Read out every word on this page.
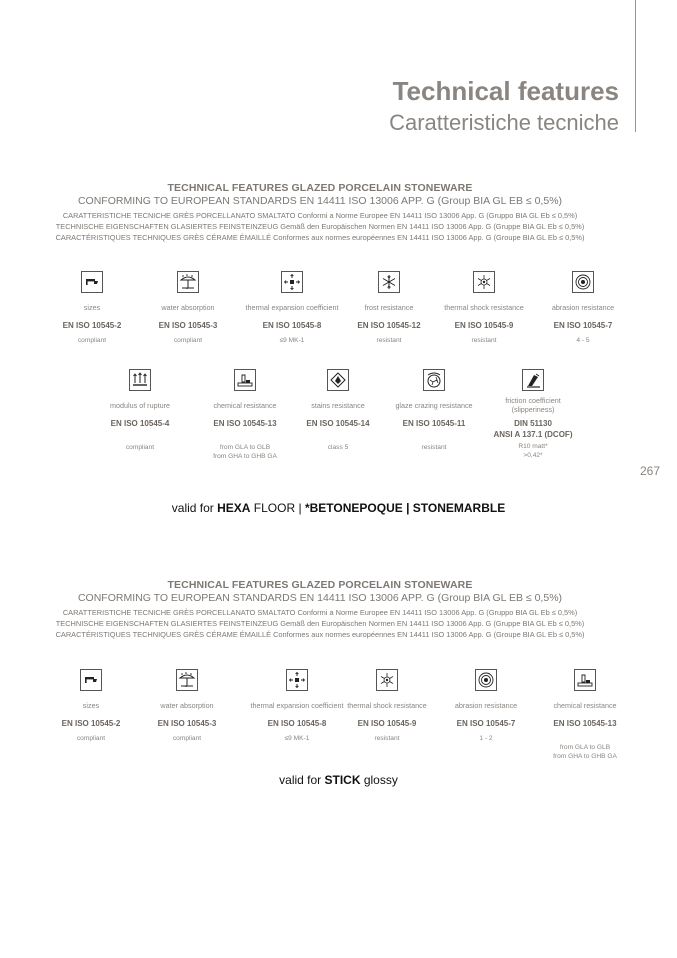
Technical features
Caratteristiche tecniche
267
TECHNICAL FEATURES GLAZED PORCELAIN STONEWARE
CONFORMING TO EUROPEAN STANDARDS EN 14411 ISO 13006 APP. G (Group BIA GL EB ≤ 0,5%)
CARATTERISTICHE TECNICHE GRÈS PORCELLANATO SMALTATO Conformi a Norme Europee EN 14411 ISO 13006 App. G (Gruppo BIA GL Eb ≤ 0,5%)
TECHNISCHE EIGENSCHAFTEN GLASIERTES FEINSTEINZEUG Gemäß den Europäischen Normen EN 14411 ISO 13006 App. G (Gruppe BIA GL Eb ≤ 0,5%)
CARACTÉRISTIQUES TECHNIQUES GRÈS CÉRAME ÉMAILLÉ Conformes aux normes européennes EN 14411 ISO 13006 App. G (Groupe BIA GL Eb ≤ 0,5%)
sizes
EN ISO 10545-2
compliant
water absorption
EN ISO 10545-3
compliant
thermal expansion coefficient
EN ISO 10545-8
≤9 MK-1
frost resistance
EN ISO 10545-12
resistant
thermal shock resistance
EN ISO 10545-9
resistant
abrasion resistance
EN ISO 10545-7
4 - 5
modulus of rupture
EN ISO 10545-4
compliant
chemical resistance
EN ISO 10545-13
from GLA to GLB from GHA to GHB GA
stains resistance
EN ISO 10545-14
class 5
glaze crazing resistance
EN ISO 10545-11
resistant
friction coefficient (slipperiness)
DIN 51130
ANSI A 137.1 (DCOF)
R10 matt*
>0,42*
valid for HEXA FLOOR | *BETONEPOQUE | STONEMARBLE
TECHNICAL FEATURES GLAZED PORCELAIN STONEWARE
CONFORMING TO EUROPEAN STANDARDS EN 14411 ISO 13006 APP. G (Group BIA GL EB ≤ 0,5%)
CARATTERISTICHE TECNICHE GRÈS PORCELLANATO SMALTATO Conformi a Norme Europee EN 14411 ISO 13006 App. G (Gruppo BIA GL Eb ≤ 0,5%)
TECHNISCHE EIGENSCHAFTEN GLASIERTES FEINSTEINZEUG Gemäß den Europäischen Normen EN 14411 ISO 13006 App. G (Gruppe BIA GL Eb ≤ 0,5%)
CARACTÉRISTIQUES TECHNIQUES GRÈS CÉRAME ÉMAILLÉ Conformes aux normes européennes EN 14411 ISO 13006 App. G (Groupe BIA GL Eb ≤ 0,5%)
sizes
EN ISO 10545-2
compliant
water absorption
EN ISO 10545-3
compliant
thermal expansion coefficient
EN ISO 10545-8
≤9 MK-1
thermal shock resistance
EN ISO 10545-9
resistant
abrasion resistance
EN ISO 10545-7
1 - 2
chemical resistance
EN ISO 10545-13
from GLA to GLB from GHA to GHB GA
valid for STICK glossy
